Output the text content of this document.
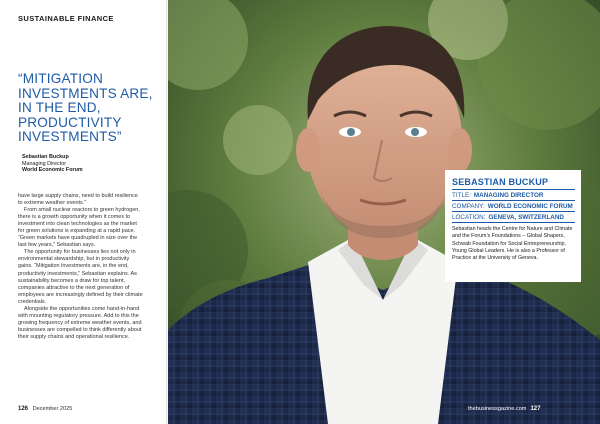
SUSTAINABLE FINANCE
“MITIGATION INVESTMENTS ARE, IN THE END, PRODUCTIVITY INVESTMENTS”
Sebastian Buckup
Managing Director
World Economic Forum

have large supply chains, need to build resilience to extreme weather events.”

From small nuclear reactors to green hydrogen, there is a growth opportunity when it comes to investment into clean technologies as the market for green solutions is expanding at a rapid pace. “Green markets have quadrupled in size over the last few years,” Sebastian says.

The opportunity for businesses lies not only in environmental stewardship, but in productivity gains. “Mitigation investments are, in the end, productivity investments,” Sebastian explains. As sustainability becomes a draw for top talent, companies attractive to the next generation of employees are increasingly defined by their climate credentials.

Alongside the opportunities come hand-in-hand with mounting regulatory pressure. Add to this the growing frequency of extreme weather events, and businesses are compelled to think differently about their supply chains and operational resilience.

126 December 2025
SEBASTIAN BUCKUP
TITLE: MANAGING DIRECTOR
COMPANY: WORLD ECONOMIC FORUM
LOCATION: GENEVA, SWITZERLAND
Sebastian heads the Centre for Nature and Climate and the Forum’s Foundations – Global Shapers, Schwab Foundation for Social Entrepreneurship, Young Global Leaders. He is also a Professor of Practice at the University of Geneva.
thebusinessgazine.com 127
